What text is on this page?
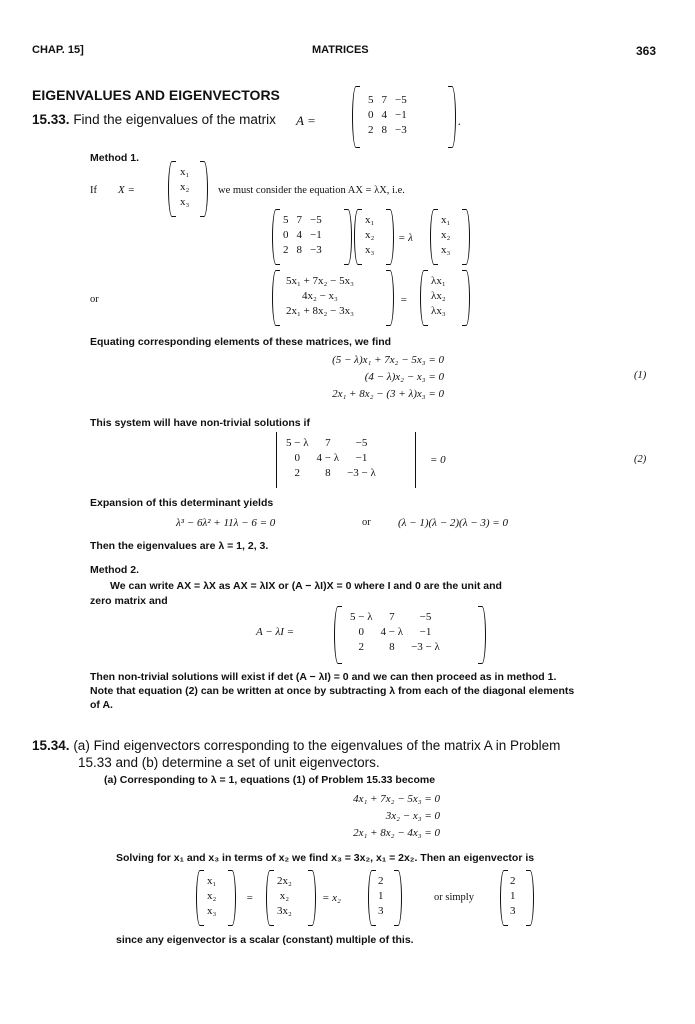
CHAP. 15]	MATRICES	363
EIGENVALUES AND EIGENVECTORS
15.33. Find the eigenvalues of the matrix A =
5	7	−5
0	4	−1
2	8	−3
.
Method 1.
If X =
x₁
x₂
x₃
we must consider the equation AX = λX, i.e.
5	7	−5
0	4	−1
2	8	−3
x₁
x₂
x₃
= λ
x₁
x₂
x₃
or
5x₁ + 7x₂ − 5x₃
4x₂ − x₃
2x₁ + 8x₂ − 3x₃
=
λx₁
λx₂
λx₃
Equating corresponding elements of these matrices, we find
(5 − λ)x₁ + 7x₂ − 5x₃ = 0
(4 − λ)x₂ − x₃ = 0
2x₁ + 8x₂ − (3 + λ)x₃ = 0
(1)
This system will have non-trivial solutions if
5 − λ	7	−5
0	4 − λ	−1
2	8	−3 − λ
= 0	(2)
Expansion of this determinant yields
λ³ − 6λ² + 11λ − 6 = 0	or (λ − 1)(λ − 2)(λ − 3) = 0
Then the eigenvalues are λ = 1, 2, 3.
Method 2.
We can write AX = λX as AX = λIX or (A − λI)X = 0 where I and 0 are the unit and
zero matrix and
A − λI =
5 − λ	7	−5
0	4 − λ	−1
2	8	−3 − λ
Then non-trivial solutions will exist if det (A − λI) = 0 and we can then proceed as in method 1.
Note that equation (2) can be written at once by subtracting λ from each of the diagonal elements
of A.
15.34. (a) Find eigenvectors corresponding to the eigenvalues of the matrix A in Problem
15.33 and (b) determine a set of unit eigenvectors.
(a) Corresponding to λ = 1, equations (1) of Problem 15.33 become
4x₁ + 7x₂ − 5x₃ = 0
3x₂ − x₃ = 0
2x₁ + 8x₂ − 4x₃ = 0
Solving for x₁ and x₃ in terms of x₂ we find x₃ = 3x₂, x₁ = 2x₂. Then an eigenvector is
x₁
x₂
x₃
=
2x₂
x₂
3x₂
= x₂
2
1
3
or simply
2
1
3
since any eigenvector is a scalar (constant) multiple of this.
